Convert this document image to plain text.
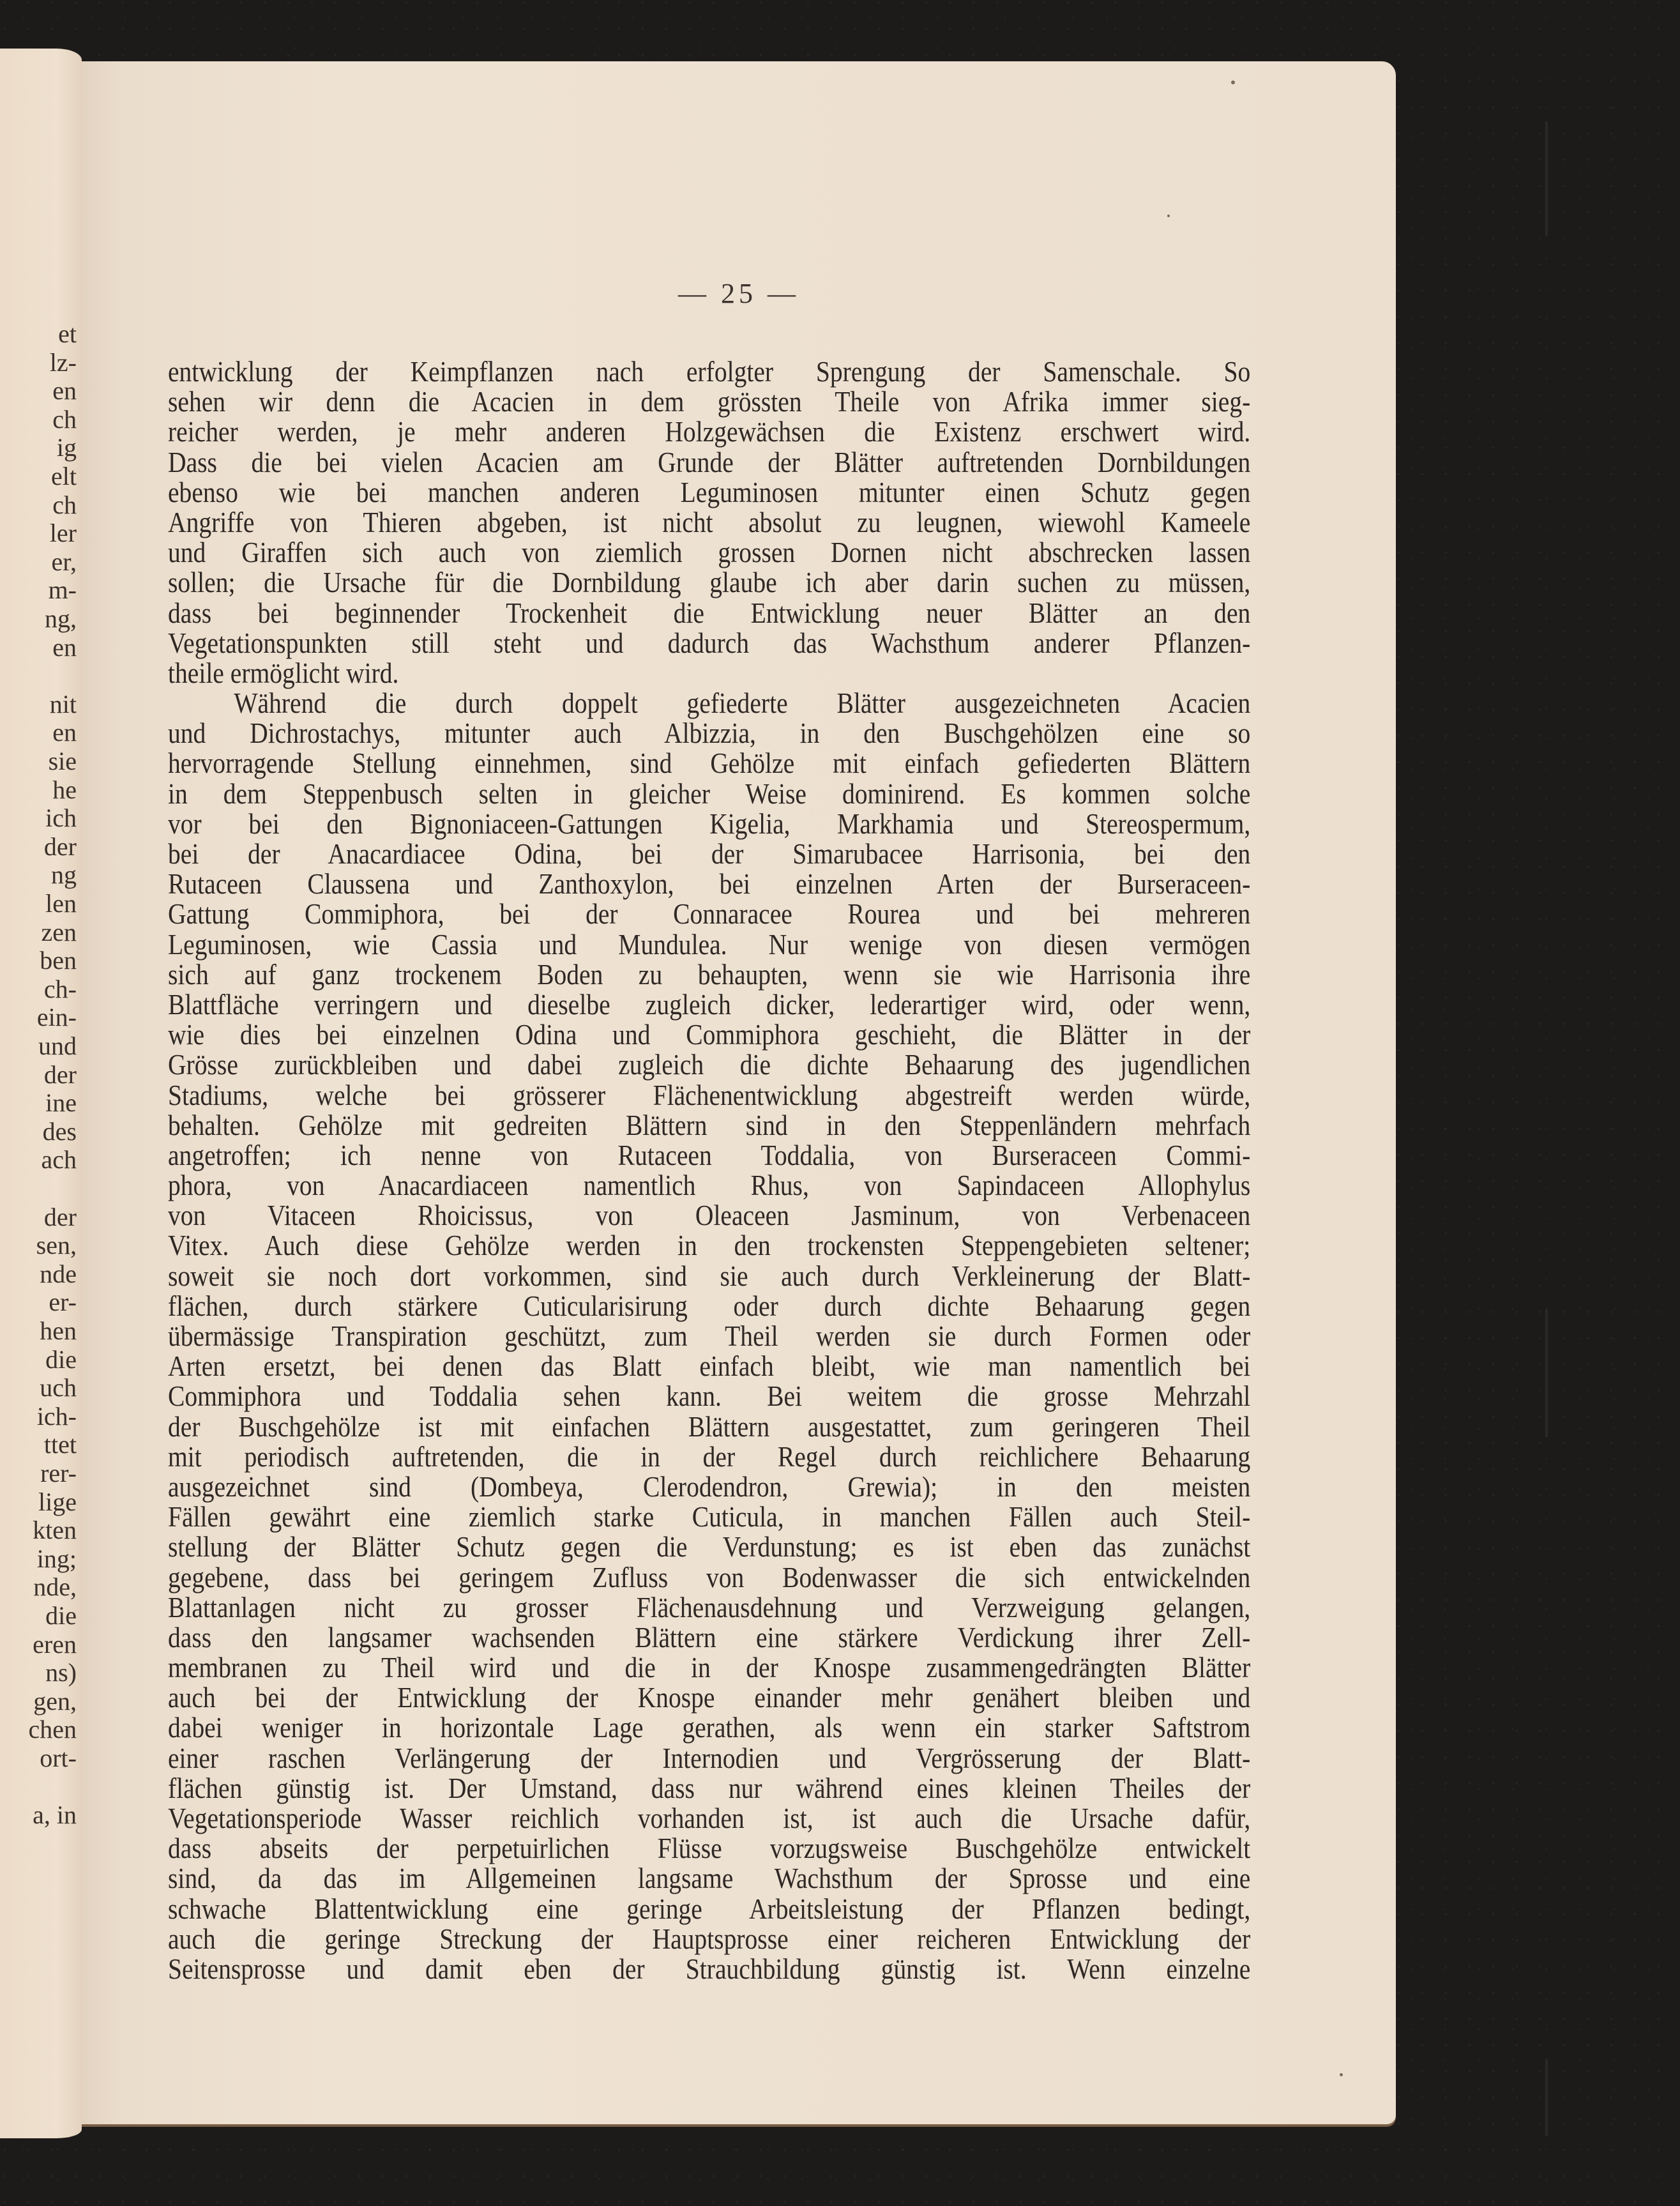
et
lz-
en
ch
ig
elt
ch
ler
er,
m-
ng,
en
nit
en
sie
he
ich
der
ng
len
zen
ben
ch-
ein-
und
der
ine
des
ach
der
sen,
nde
er-
hen
die
uch
ich-
ttet
rer-
lige
kten
ing;
nde,
die
eren
ns)
gen,
chen
ort-
a, in
— 25 —
entwicklung der Keimpflanzen nach erfolgter Sprengung der Samenschale. So
sehen wir denn die Acacien in dem grössten Theile von Afrika immer sieg-
reicher werden, je mehr anderen Holzgewächsen die Existenz erschwert wird.
Dass die bei vielen Acacien am Grunde der Blätter auftretenden Dornbildungen
ebenso wie bei manchen anderen Leguminosen mitunter einen Schutz gegen
Angriffe von Thieren abgeben, ist nicht absolut zu leugnen, wiewohl Kameele
und Giraffen sich auch von ziemlich grossen Dornen nicht abschrecken lassen
sollen; die Ursache für die Dornbildung glaube ich aber darin suchen zu müssen,
dass bei beginnender Trockenheit die Entwicklung neuer Blätter an den
Vegetationspunkten still steht und dadurch das Wachsthum anderer Pflanzen-
theile ermöglicht wird.
Während die durch doppelt gefiederte Blätter ausgezeichneten Acacien
und Dichrostachys, mitunter auch Albizzia, in den Buschgehölzen eine so
hervorragende Stellung einnehmen, sind Gehölze mit einfach gefiederten Blättern
in dem Steppenbusch selten in gleicher Weise dominirend. Es kommen solche
vor bei den Bignoniaceen-Gattungen Kigelia, Markhamia und Stereospermum,
bei der Anacardiacee Odina, bei der Simarubacee Harrisonia, bei den
Rutaceen Claussena und Zanthoxylon, bei einzelnen Arten der Burseraceen-
Gattung Commiphora, bei der Connaracee Rourea und bei mehreren
Leguminosen, wie Cassia und Mundulea. Nur wenige von diesen vermögen
sich auf ganz trockenem Boden zu behaupten, wenn sie wie Harrisonia ihre
Blattfläche verringern und dieselbe zugleich dicker, lederartiger wird, oder wenn,
wie dies bei einzelnen Odina und Commiphora geschieht, die Blätter in der
Grösse zurückbleiben und dabei zugleich die dichte Behaarung des jugendlichen
Stadiums, welche bei grösserer Flächenentwicklung abgestreift werden würde,
behalten. Gehölze mit gedreiten Blättern sind in den Steppenländern mehrfach
angetroffen; ich nenne von Rutaceen Toddalia, von Burseraceen Commi-
phora, von Anacardiaceen namentlich Rhus, von Sapindaceen Allophylus
von Vitaceen Rhoicissus, von Oleaceen Jasminum, von Verbenaceen
Vitex. Auch diese Gehölze werden in den trockensten Steppengebieten seltener;
soweit sie noch dort vorkommen, sind sie auch durch Verkleinerung der Blatt-
flächen, durch stärkere Cuticularisirung oder durch dichte Behaarung gegen
übermässige Transpiration geschützt, zum Theil werden sie durch Formen oder
Arten ersetzt, bei denen das Blatt einfach bleibt, wie man namentlich bei
Commiphora und Toddalia sehen kann. Bei weitem die grosse Mehrzahl
der Buschgehölze ist mit einfachen Blättern ausgestattet, zum geringeren Theil
mit periodisch auftretenden, die in der Regel durch reichlichere Behaarung
ausgezeichnet sind (Dombeya, Clerodendron, Grewia); in den meisten
Fällen gewährt eine ziemlich starke Cuticula, in manchen Fällen auch Steil-
stellung der Blätter Schutz gegen die Verdunstung; es ist eben das zunächst
gegebene, dass bei geringem Zufluss von Bodenwasser die sich entwickelnden
Blattanlagen nicht zu grosser Flächenausdehnung und Verzweigung gelangen,
dass den langsamer wachsenden Blättern eine stärkere Verdickung ihrer Zell-
membranen zu Theil wird und die in der Knospe zusammengedrängten Blätter
auch bei der Entwicklung der Knospe einander mehr genähert bleiben und
dabei weniger in horizontale Lage gerathen, als wenn ein starker Saftstrom
einer raschen Verlängerung der Internodien und Vergrösserung der Blatt-
flächen günstig ist. Der Umstand, dass nur während eines kleinen Theiles der
Vegetationsperiode Wasser reichlich vorhanden ist, ist auch die Ursache dafür,
dass abseits der perpetuirlichen Flüsse vorzugsweise Buschgehölze entwickelt
sind, da das im Allgemeinen langsame Wachsthum der Sprosse und eine
schwache Blattentwicklung eine geringe Arbeitsleistung der Pflanzen bedingt,
auch die geringe Streckung der Hauptsprosse einer reicheren Entwicklung der
Seitensprosse und damit eben der Strauchbildung günstig ist. Wenn einzelne
